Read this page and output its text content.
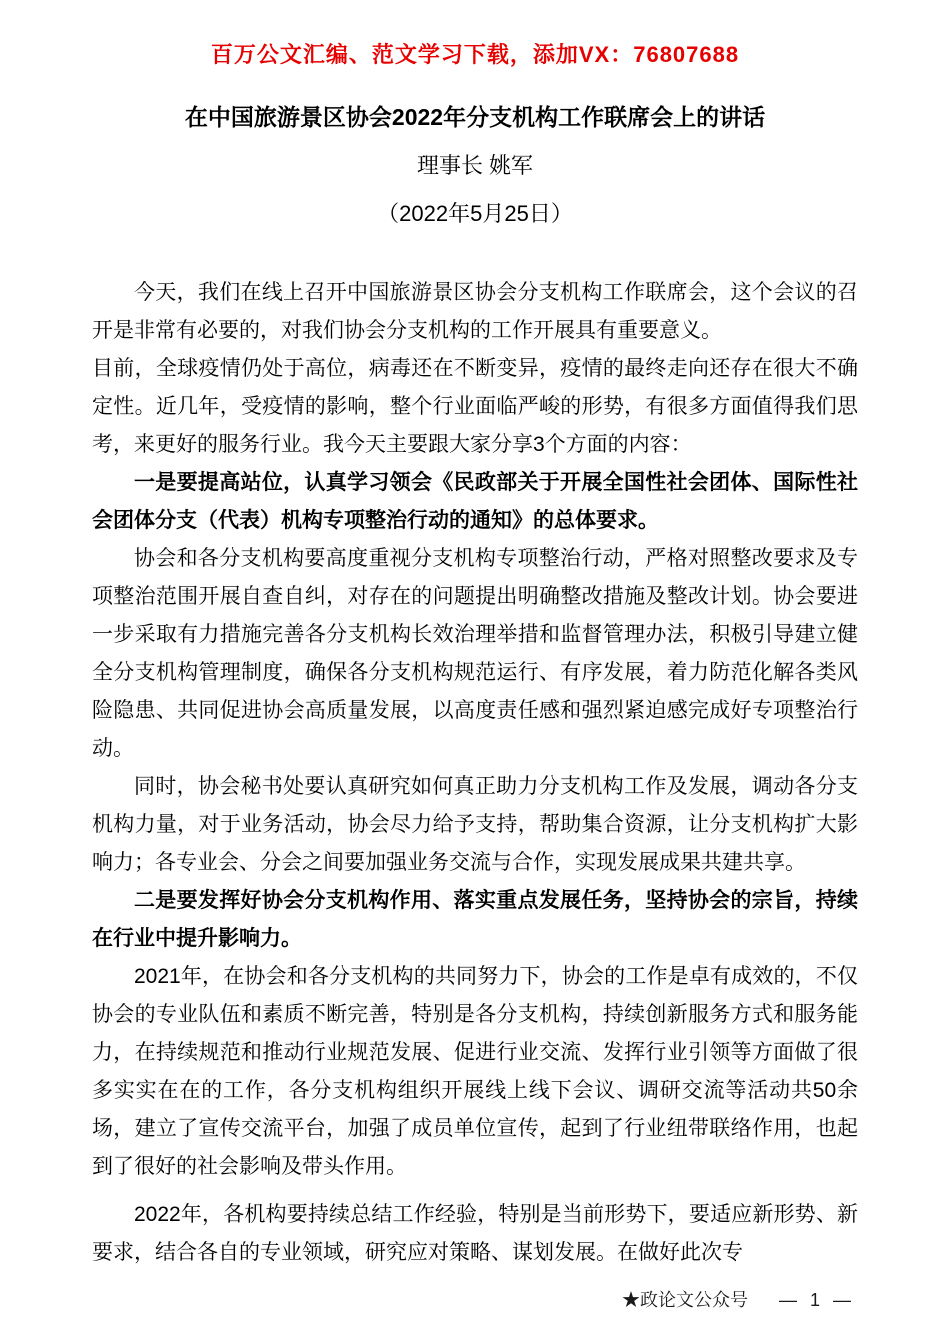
百万公文汇编、范文学习下载，添加VX：76807688
在中国旅游景区协会2022年分支机构工作联席会上的讲话
理事长 姚军
（2022年5月25日）

今天，我们在线上召开中国旅游景区协会分支机构工作联席会，这个会议的召开是非常有必要的，对我们协会分支机构的工作开展具有重要意义。

目前，全球疫情仍处于高位，病毒还在不断变异，疫情的最终走向还存在很大不确定性。近几年，受疫情的影响，整个行业面临严峻的形势，有很多方面值得我们思考，来更好的服务行业。我今天主要跟大家分享3个方面的内容：

一是要提高站位，认真学习领会《民政部关于开展全国性社会团体、国际性社会团体分支（代表）机构专项整治行动的通知》的总体要求。

协会和各分支机构要高度重视分支机构专项整治行动，严格对照整改要求及专项整治范围开展自查自纠，对存在的问题提出明确整改措施及整改计划。协会要进一步采取有力措施完善各分支机构长效治理举措和监督管理办法，积极引导建立健全分支机构管理制度，确保各分支机构规范运行、有序发展，着力防范化解各类风险隐患、共同促进协会高质量发展，以高度责任感和强烈紧迫感完成好专项整治行动。

同时，协会秘书处要认真研究如何真正助力分支机构工作及发展，调动各分支机构力量，对于业务活动，协会尽力给予支持，帮助集合资源，让分支机构扩大影响力；各专业会、分会之间要加强业务交流与合作，实现发展成果共建共享。

二是要发挥好协会分支机构作用、落实重点发展任务，坚持协会的宗旨，持续在行业中提升影响力。

2021年，在协会和各分支机构的共同努力下，协会的工作是卓有成效的，不仅协会的专业队伍和素质不断完善，特别是各分支机构，持续创新服务方式和服务能力，在持续规范和推动行业规范发展、促进行业交流、发挥行业引领等方面做了很多实实在在的工作，各分支机构组织开展线上线下会议、调研交流等活动共50余场，建立了宣传交流平台，加强了成员单位宣传，起到了行业纽带联络作用，也起到了很好的社会影响及带头作用。

2022年，各机构要持续总结工作经验，特别是当前形势下，要适应新形势、新要求，结合各自的专业领域，研究应对策略、谋划发展。在做好此次专

★政论文公众号 — 1 —
